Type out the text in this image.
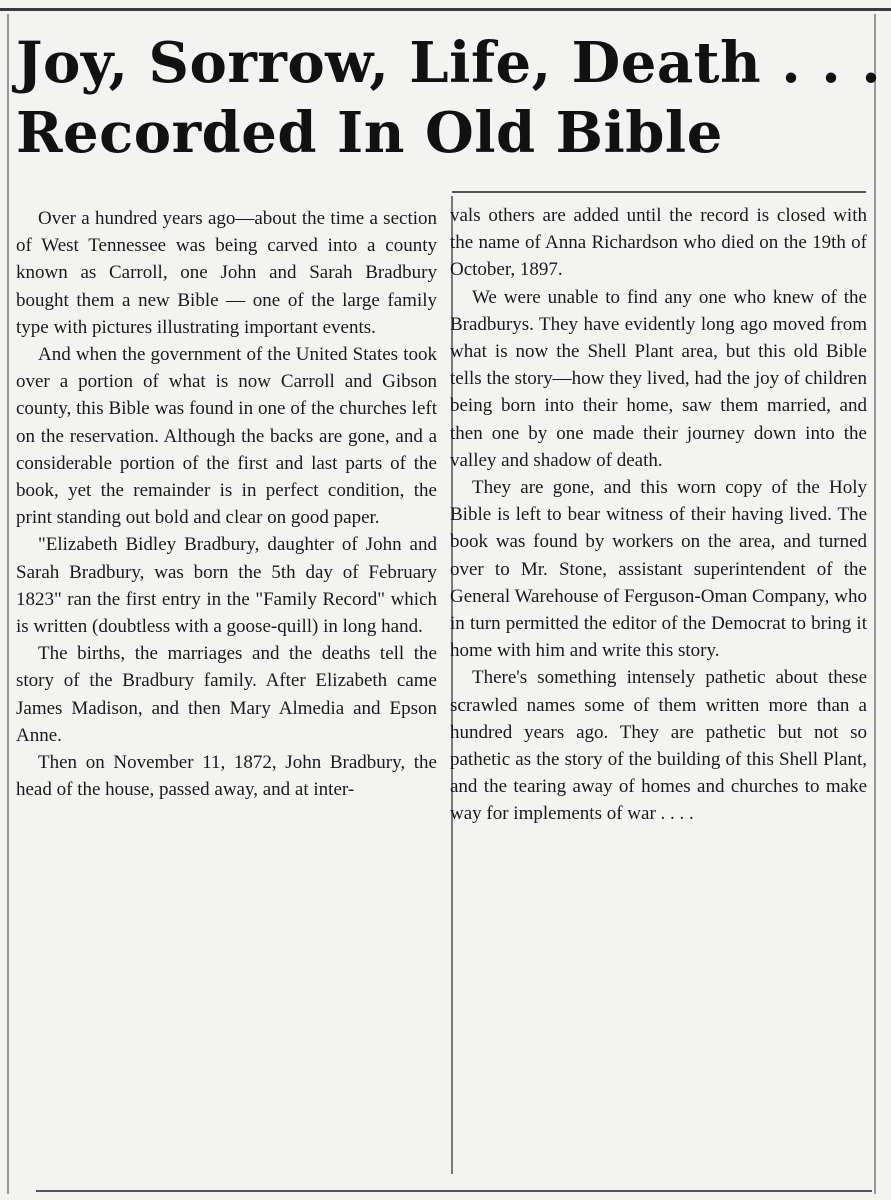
Joy, Sorrow, Life, Death . . .
Recorded In Old Bible

Over a hundred years ago—about the time a section of West Tennessee was being carved into a county known as Carroll, one John and Sarah Bradbury bought them a new Bible — one of the large family type with pictures illustrating important events.

And when the government of the United States took over a portion of what is now Carroll and Gibson county, this Bible was found in one of the churches left on the reservation. Although the backs are gone, and a considerable portion of the first and last parts of the book, yet the remainder is in perfect condition, the print standing out bold and clear on good paper.

"Elizabeth Bidley Bradbury, daughter of John and Sarah Bradbury, was born the 5th day of February 1823" ran the first entry in the "Family Record" which is written (doubtless with a goose-quill) in long hand.

The births, the marriages and the deaths tell the story of the Bradbury family. After Elizabeth came James Madison, and then Mary Almedia and Epson Anne.

Then on November 11, 1872, John Bradbury, the head of the house, passed away, and at inter-

vals others are added until the record is closed with the name of Anna Richardson who died on the 19th of October, 1897.

We were unable to find any one who knew of the Bradburys. They have evidently long ago moved from what is now the Shell Plant area, but this old Bible tells the story—how they lived, had the joy of children being born into their home, saw them married, and then one by one made their journey down into the valley and shadow of death.

They are gone, and this worn copy of the Holy Bible is left to bear witness of their having lived. The book was found by workers on the area, and turned over to Mr. Stone, assistant superintendent of the General Warehouse of Ferguson-Oman Company, who in turn permitted the editor of the Democrat to bring it home with him and write this story.

There's something intensely pathetic about these scrawled names some of them written more than a hundred years ago. They are pathetic but not so pathetic as the story of the building of this Shell Plant, and the tearing away of homes and churches to make way for implements of war . . . .
